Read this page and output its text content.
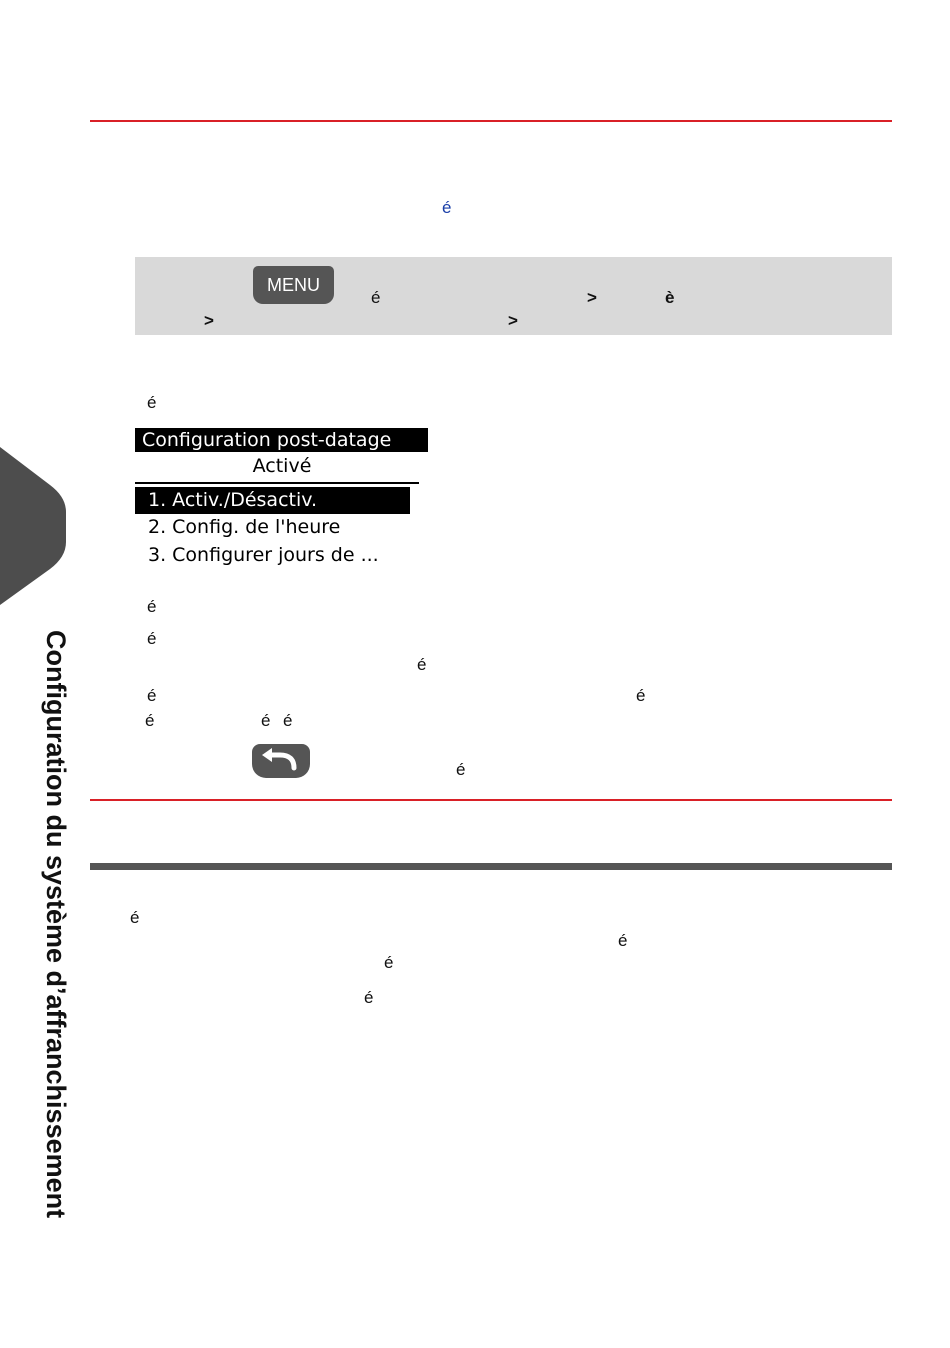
é
MENU
é	>	è
>	>
é
Configuration post-datage
Activé
1. Activ./Désactiv.
2. Config. de l'heure
3. Configurer jours de ...
é
é
é
é	é
é	é é
é
é
é
é
é
Configuration du système d’affranchissement
